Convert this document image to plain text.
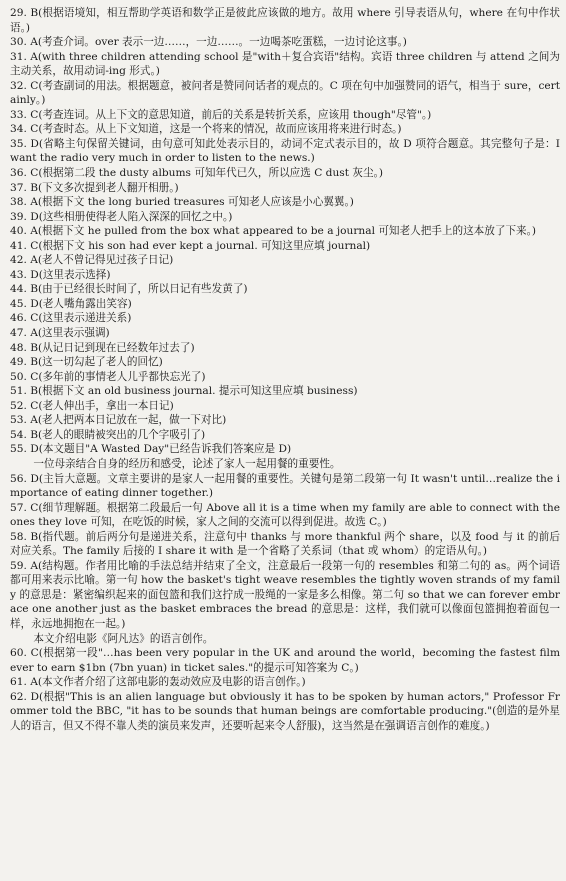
29. B(根据语境知，相互帮助学英语和数学正是彼此应该做的地方。故用 where 引导表语从句，where 在句中作状语。)

30. A(考查介词。over 表示一边……，一边……。一边喝茶吃蛋糕，一边讨论这事。)

31. A(with three children attending school 是"with＋复合宾语"结构。宾语 three children 与 attend 之间为主动关系，故用动词-ing 形式。)

32. C(考查副词的用法。根据题意，被问者是赞同问话者的观点的。C 项在句中加强赞同的语气，相当于 sure，certainly。)

33. C(考查连词。从上下文的意思知道，前后的关系是转折关系，应该用 though"尽管"。)

34. C(考查时态。从上下文知道，这是一个将来的情况，故而应该用将来进行时态。)

35. D(省略主句保留关键词，由句意可知此处表示目的，动词不定式表示目的，故 D 项符合题意。其完整句子是：I want the radio very much in order to listen to the news.)

36. C(根据第二段 the dusty albums 可知年代已久，所以应选 C dust 灰尘。)

37. B(下文多次提到老人翻开相册。)

38. A(根据下文 the long buried treasures 可知老人应该是小心翼翼。)

39. D(这些相册使得老人陷入深深的回忆之中。)

40. A(根据下文 he pulled from the box what appeared to be a journal 可知老人把手上的这本放了下来。)

41. C(根据下文 his son had ever kept a journal. 可知这里应填 journal)

42. A(老人不曾记得见过孩子日记)

43. D(这里表示选择)

44. B(由于已经很长时间了，所以日记有些发黄了)

45. D(老人嘴角露出笑容)

46. C(这里表示递进关系)

47. A(这里表示强调)

48. B(从记日记到现在已经数年过去了)

49. B(这一切勾起了老人的回忆)

50. C(多年前的事情老人儿乎都快忘光了)

51. B(根据下文 an old business journal. 提示可知这里应填 business)

52. C(老人伸出手，拿出一本日记)

53. A(老人把两本日记放在一起，做一下对比)

54. B(老人的眼睛被突出的几个字吸引了)

55. D(本文题目"A Wasted Day"已经告诉我们答案应是 D)

一位母亲结合自身的经历和感受，论述了家人一起用餐的重要性。

56. D(主旨大意题。文章主要讲的是家人一起用餐的重要性。关键句是第二段第一句 It wasn't until…realize the importance of eating dinner together.)

57. C(细节理解题。根据第二段最后一句 Above all it is a time when my family are able to connect with the ones they love 可知，在吃饭的时候，家人之间的交流可以得到促进。故选 C。)

58. B(指代题。前后两分句是递进关系，注意句中 thanks 与 more thankful 两个 share，以及 food 与 it 的前后对应关系。The family 后接的 I share it with 是一个省略了关系词（that 或 whom）的定语从句。)

59. A(结构题。作者用比喻的手法总结并结束了全文，注意最后一段第一句的 resembles 和第二句的 as。两个词语都可用来表示比喻。第一句 how the basket's tight weave resembles the tightly woven strands of my family 的意思是：紧密编织起来的面包篮和我们这拧成一股绳的一家是多么相像。第二句 so that we can forever embrace one another just as the basket embraces the bread 的意思是：这样，我们就可以像面包篮拥抱着面包一样，永远地拥抱在一起。)

本文介绍电影《阿凡达》的语言创作。

60. C(根据第一段"…has been very popular in the UK and around the world，becoming the fastest film ever to earn $1bn (7bn yuan) in ticket sales."的提示可知答案为 C。)

61. A(本文作者介绍了这部电影的轰动效应及电影的语言创作。)

62. D(根据"This is an alien language but obviously it has to be spoken by human actors," Professor Frommer told the BBC, "it has to be sounds that human beings are comfortable producing."(创造的是外星人的语言，但又不得不靠人类的演员来发声，还要听起来令人舒服)，这当然是在强调语言创作的难度。)
